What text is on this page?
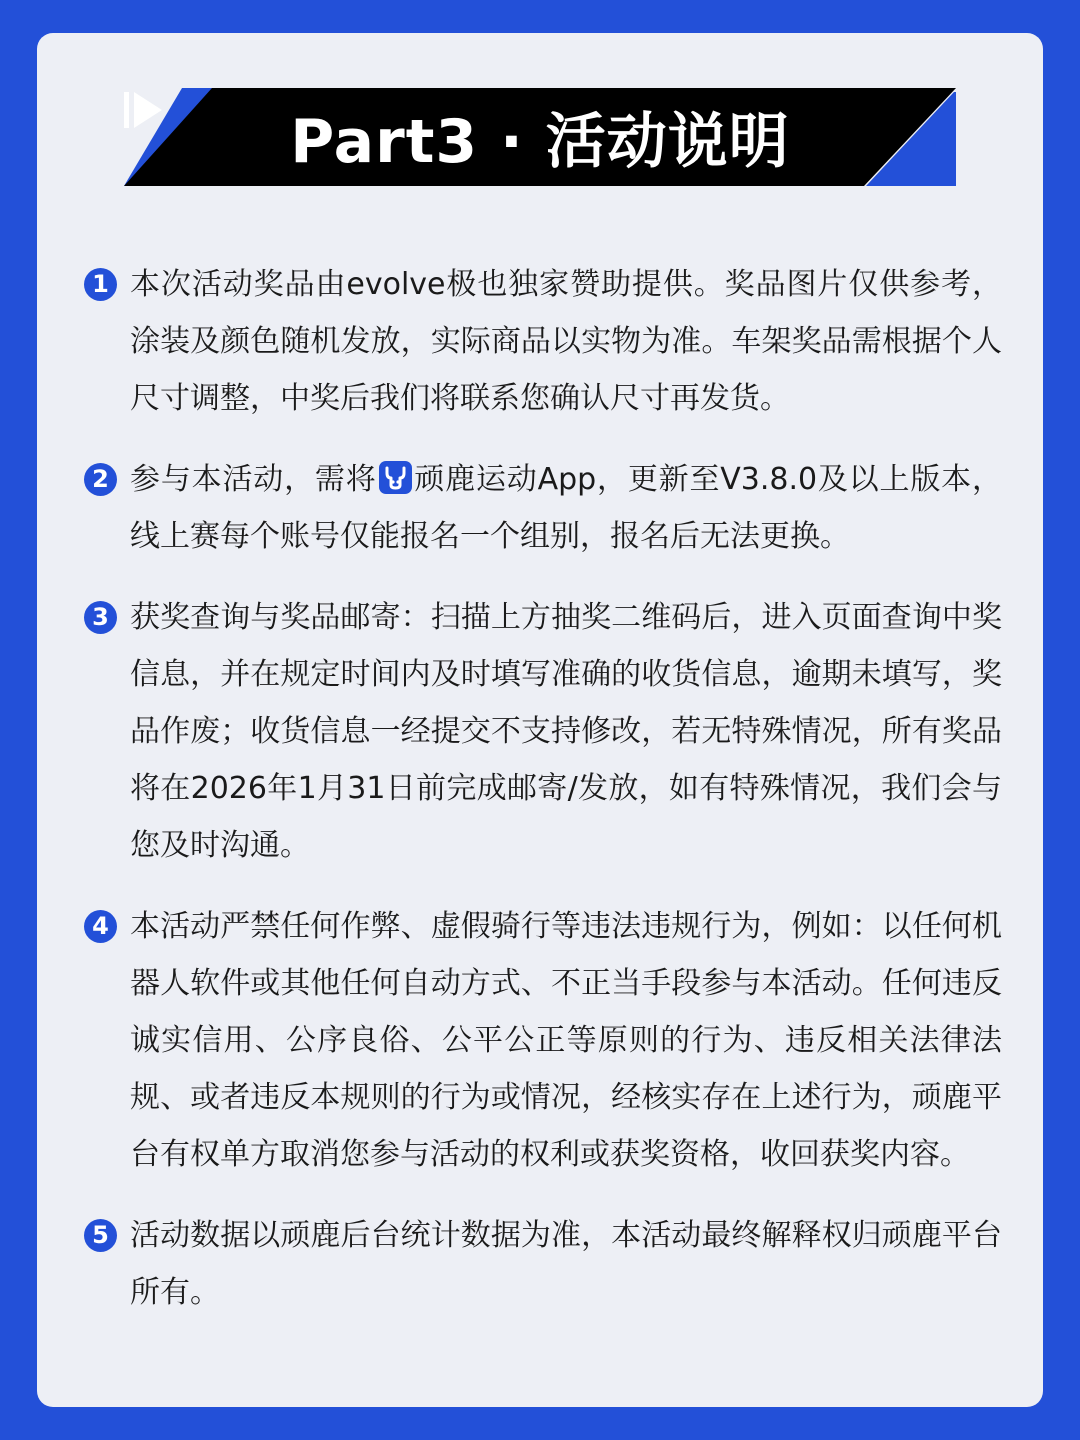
Part3 · 活动说明
1 本次活动奖品由evolve极也独家赞助提供。奖品图片仅供参考，涂装及颜色随机发放，实际商品以实物为准。车架奖品需根据个人尺寸调整，中奖后我们将联系您确认尺寸再发货。
2 参与本活动，需将 顽鹿运动App，更新至V3.8.0及以上版本，线上赛每个账号仅能报名一个组别，报名后无法更换。
3 获奖查询与奖品邮寄：扫描上方抽奖二维码后，进入页面查询中奖信息，并在规定时间内及时填写准确的收货信息，逾期未填写，奖品作废；收货信息一经提交不支持修改，若无特殊情况，所有奖品将在2026年1月31日前完成邮寄/发放，如有特殊情况，我们会与您及时沟通。
4 本活动严禁任何作弊、虚假骑行等违法违规行为，例如：以任何机器人软件或其他任何自动方式、不正当手段参与本活动。任何违反诚实信用、公序良俗、公平公正等原则的行为、违反相关法律法规、或者违反本规则的行为或情况，经核实存在上述行为，顽鹿平台有权单方取消您参与活动的权利或获奖资格，收回获奖内容。
5 活动数据以顽鹿后台统计数据为准，本活动最终解释权归顽鹿平台所有。
